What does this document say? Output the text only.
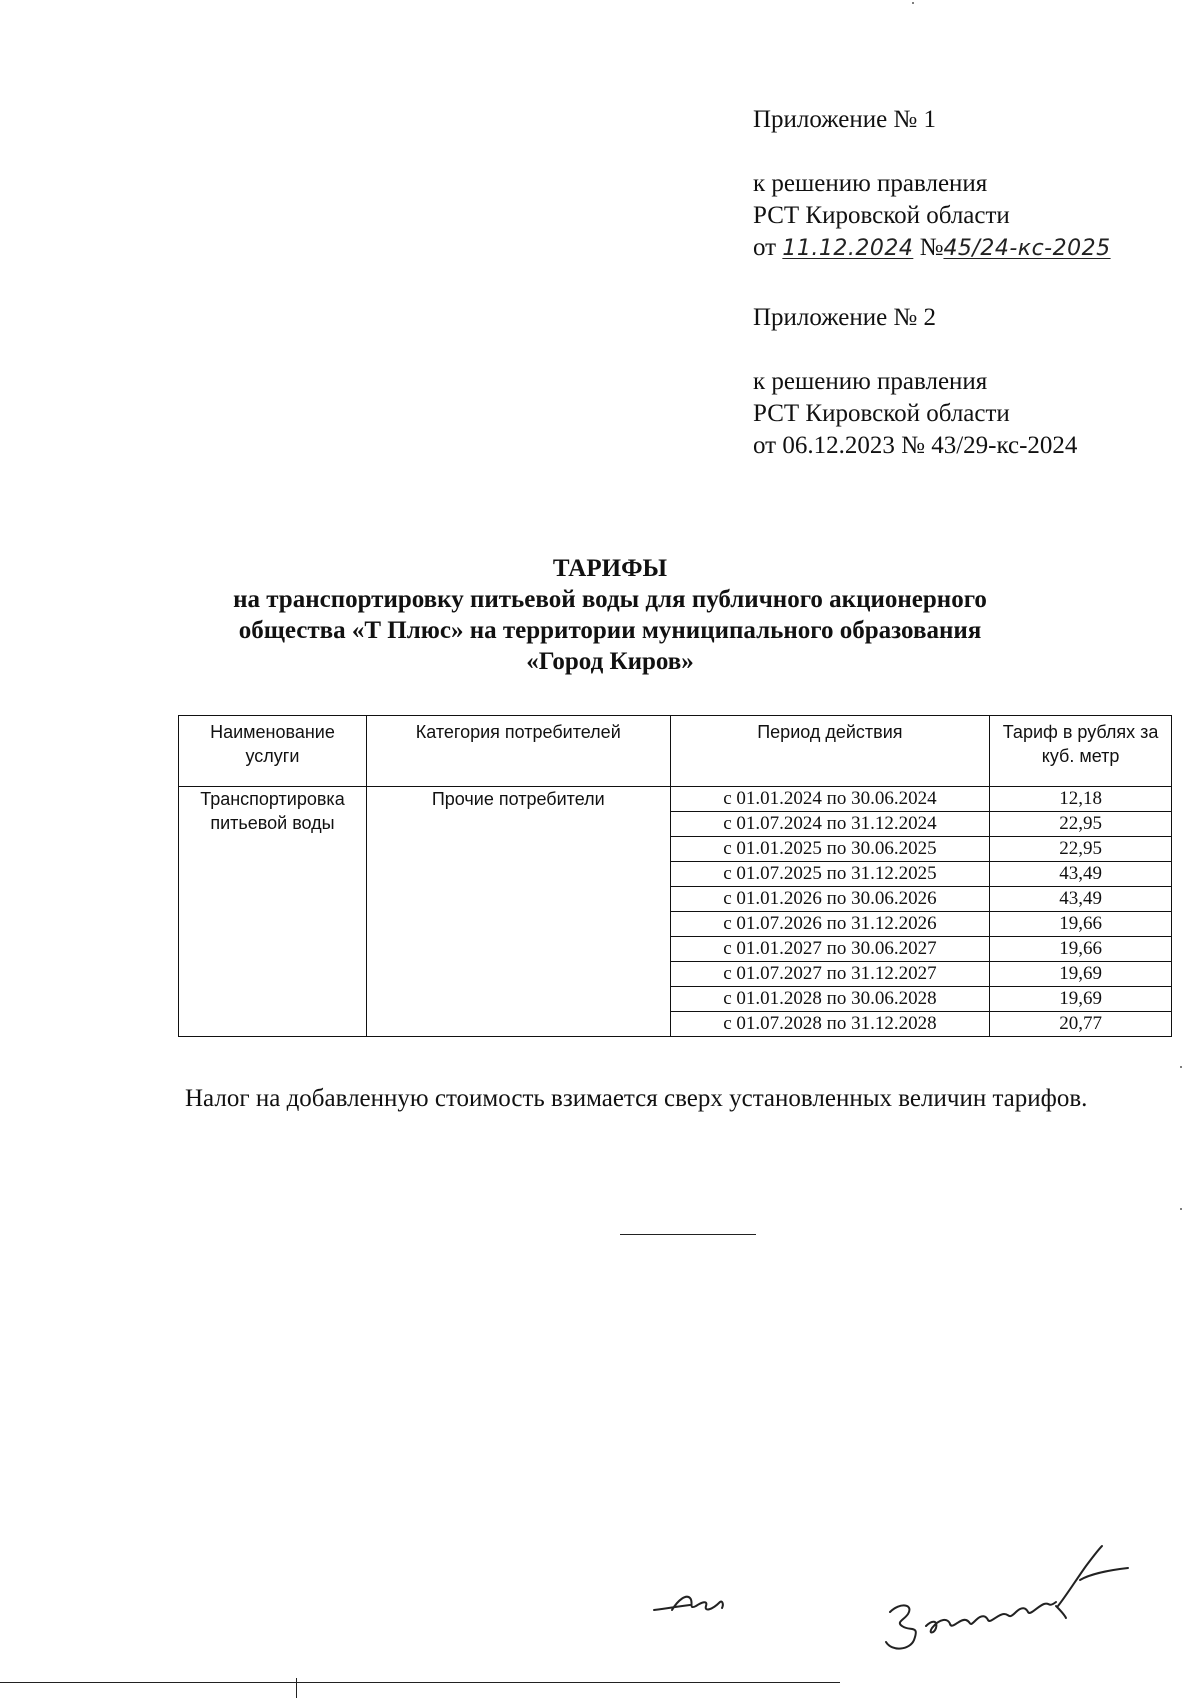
Приложение № 1
к решению правления
РСТ Кировской области
от 11.12.2024 №45/24-кс-2025
Приложение № 2
к решению правления
РСТ Кировской области
от 06.12.2023 № 43/29-кс-2024
ТАРИФЫ
на транспортировку питьевой воды для публичного акционерного
общества «Т Плюс» на территории муниципального образования
«Город Киров»
Наименование услуги	Категория потребителей	Период действия	Тариф в рублях за куб. метр
Транспортировка питьевой воды	Прочие потребители	с 01.01.2024 по 30.06.2024	12,18
		с 01.07.2024 по 31.12.2024	22,95
		с 01.01.2025 по 30.06.2025	22,95
		с 01.07.2025 по 31.12.2025	43,49
		с 01.01.2026 по 30.06.2026	43,49
		с 01.07.2026 по 31.12.2026	19,66
		с 01.01.2027 по 30.06.2027	19,66
		с 01.07.2027 по 31.12.2027	19,69
		с 01.01.2028 по 30.06.2028	19,69
		с 01.07.2028 по 31.12.2028	20,77
Налог на добавленную стоимость взимается сверх установленных величин тарифов.
